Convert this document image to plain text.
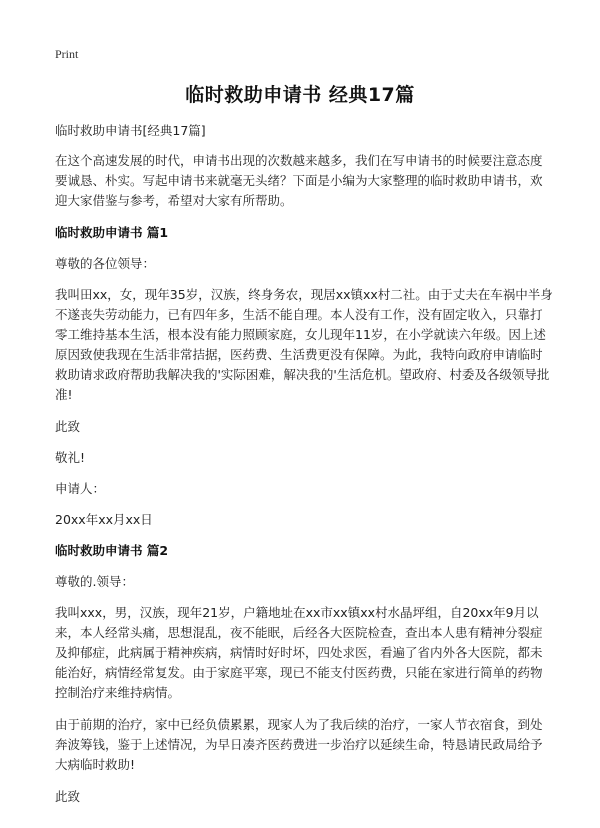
Print
临时救助申请书 经典17篇

临时救助申请书[经典17篇]

在这个高速发展的时代，申请书出现的次数越来越多，我们在写申请书的时候要注意态度要诚恳、朴实。写起申请书来就毫无头绪？下面是小编为大家整理的临时救助申请书，欢迎大家借鉴与参考，希望对大家有所帮助。

临时救助申请书 篇1

尊敬的各位领导：

我叫田xx，女，现年35岁，汉族，终身务农，现居xx镇xx村二社。由于丈夫在车祸中半身不遂丧失劳动能力，已有四年多，生活不能自理。本人没有工作，没有固定收入，只靠打零工维持基本生活，根本没有能力照顾家庭，女儿现年11岁，在小学就读六年级。因上述原因致使我现在生活非常拮据，医药费、生活费更没有保障。为此，我特向政府申请临时救助请求政府帮助我解决我的'实际困难，解决我的'生活危机。望政府、村委及各级领导批准!

此致

敬礼!

申请人：

20xx年xx月xx日

临时救助申请书 篇2

尊敬的.领导：

我叫xxx，男，汉族，现年21岁，户籍地址在xx市xx镇xx村水晶坪组，自20xx年9月以来，本人经常头痛，思想混乱，夜不能眠，后经各大医院检查，查出本人患有精神分裂症及抑郁症，此病属于精神疾病，病情时好时坏，四处求医，看遍了省内外各大医院，都未能治好，病情经常复发。由于家庭平寒，现已不能支付医药费，只能在家进行简单的药物控制治疗来维持病情。

由于前期的治疗，家中已经负债累累，现家人为了我后续的治疗，一家人节衣宿食，到处奔波筹钱，鉴于上述情况，为早日凑齐医药费进一步治疗以延续生命，特恳请民政局给予大病临时救助!

此致
